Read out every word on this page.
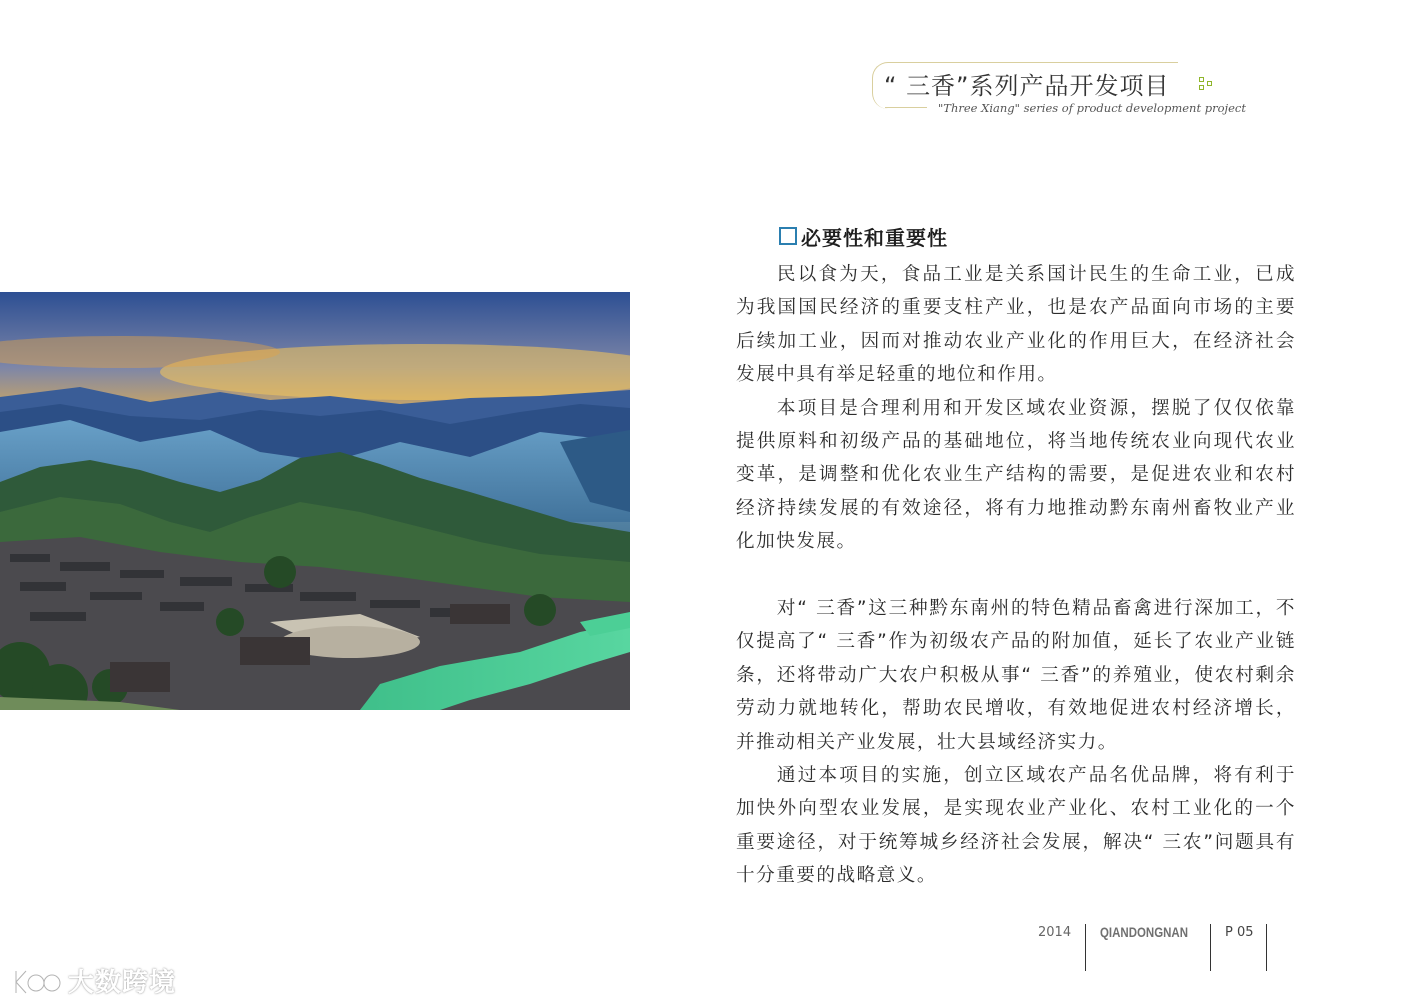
“ 三香”系列产品开发项目
"Three Xiang" series of product development project
必要性和重要性

民以食为天，食品工业是关系国计民生的生命工业，已成为我国国民经济的重要支柱产业，也是农产品面向市场的主要后续加工业，因而对推动农业产业化的作用巨大，在经济社会发展中具有举足轻重的地位和作用。

本项目是合理利用和开发区域农业资源，摆脱了仅仅依靠提供原料和初级产品的基础地位，将当地传统农业向现代农业变革，是调整和优化农业生产结构的需要，是促进农业和农村经济持续发展的有效途径，将有力地推动黔东南州畜牧业产业化加快发展。

对“ 三香”这三种黔东南州的特色精品畜禽进行深加工，不仅提高了“ 三香”作为初级农产品的附加值，延长了农业产业链条，还将带动广大农户积极从事“ 三香”的养殖业，使农村剩余劳动力就地转化，帮助农民增收，有效地促进农村经济增长，并推动相关产业发展，壮大县域经济实力。

通过本项目的实施，创立区域农产品名优品牌，将有利于加快外向型农业发展，是实现农业产业化、农村工业化的一个重要途径，对于统筹城乡经济社会发展，解决“ 三农”问题具有十分重要的战略意义。

2014 QIANDONGNAN	P 05
大数跨境
